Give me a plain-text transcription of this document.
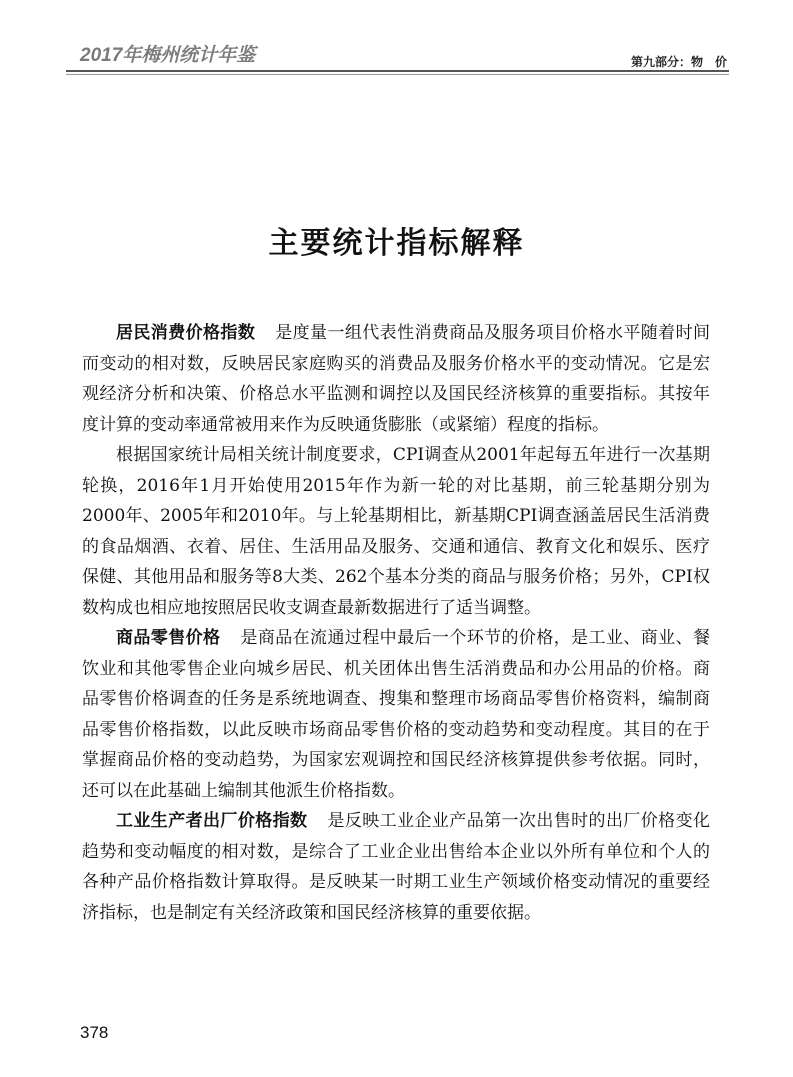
2017年梅州统计年鉴	第九部分：物　价
主要统计指标解释

居民消费价格指数 是度量一组代表性消费商品及服务项目价格水平随着时间而变动的相对数，反映居民家庭购买的消费品及服务价格水平的变动情况。它是宏观经济分析和决策、价格总水平监测和调控以及国民经济核算的重要指标。其按年度计算的变动率通常被用来作为反映通货膨胀（或紧缩）程度的指标。

根据国家统计局相关统计制度要求，CPI调查从2001年起每五年进行一次基期轮换，2016年1月开始使用2015年作为新一轮的对比基期，前三轮基期分别为2000年、2005年和2010年。与上轮基期相比，新基期CPI调查涵盖居民生活消费的食品烟酒、衣着、居住、生活用品及服务、交通和通信、教育文化和娱乐、医疗保健、其他用品和服务等8大类、262个基本分类的商品与服务价格；另外，CPI权数构成也相应地按照居民收支调查最新数据进行了适当调整。

商品零售价格 是商品在流通过程中最后一个环节的价格，是工业、商业、餐饮业和其他零售企业向城乡居民、机关团体出售生活消费品和办公用品的价格。商品零售价格调查的任务是系统地调查、搜集和整理市场商品零售价格资料，编制商品零售价格指数，以此反映市场商品零售价格的变动趋势和变动程度。其目的在于掌握商品价格的变动趋势，为国家宏观调控和国民经济核算提供参考依据。同时，还可以在此基础上编制其他派生价格指数。

工业生产者出厂价格指数 是反映工业企业产品第一次出售时的出厂价格变化趋势和变动幅度的相对数，是综合了工业企业出售给本企业以外所有单位和个人的各种产品价格指数计算取得。是反映某一时期工业生产领域价格变动情况的重要经济指标，也是制定有关经济政策和国民经济核算的重要依据。

378
